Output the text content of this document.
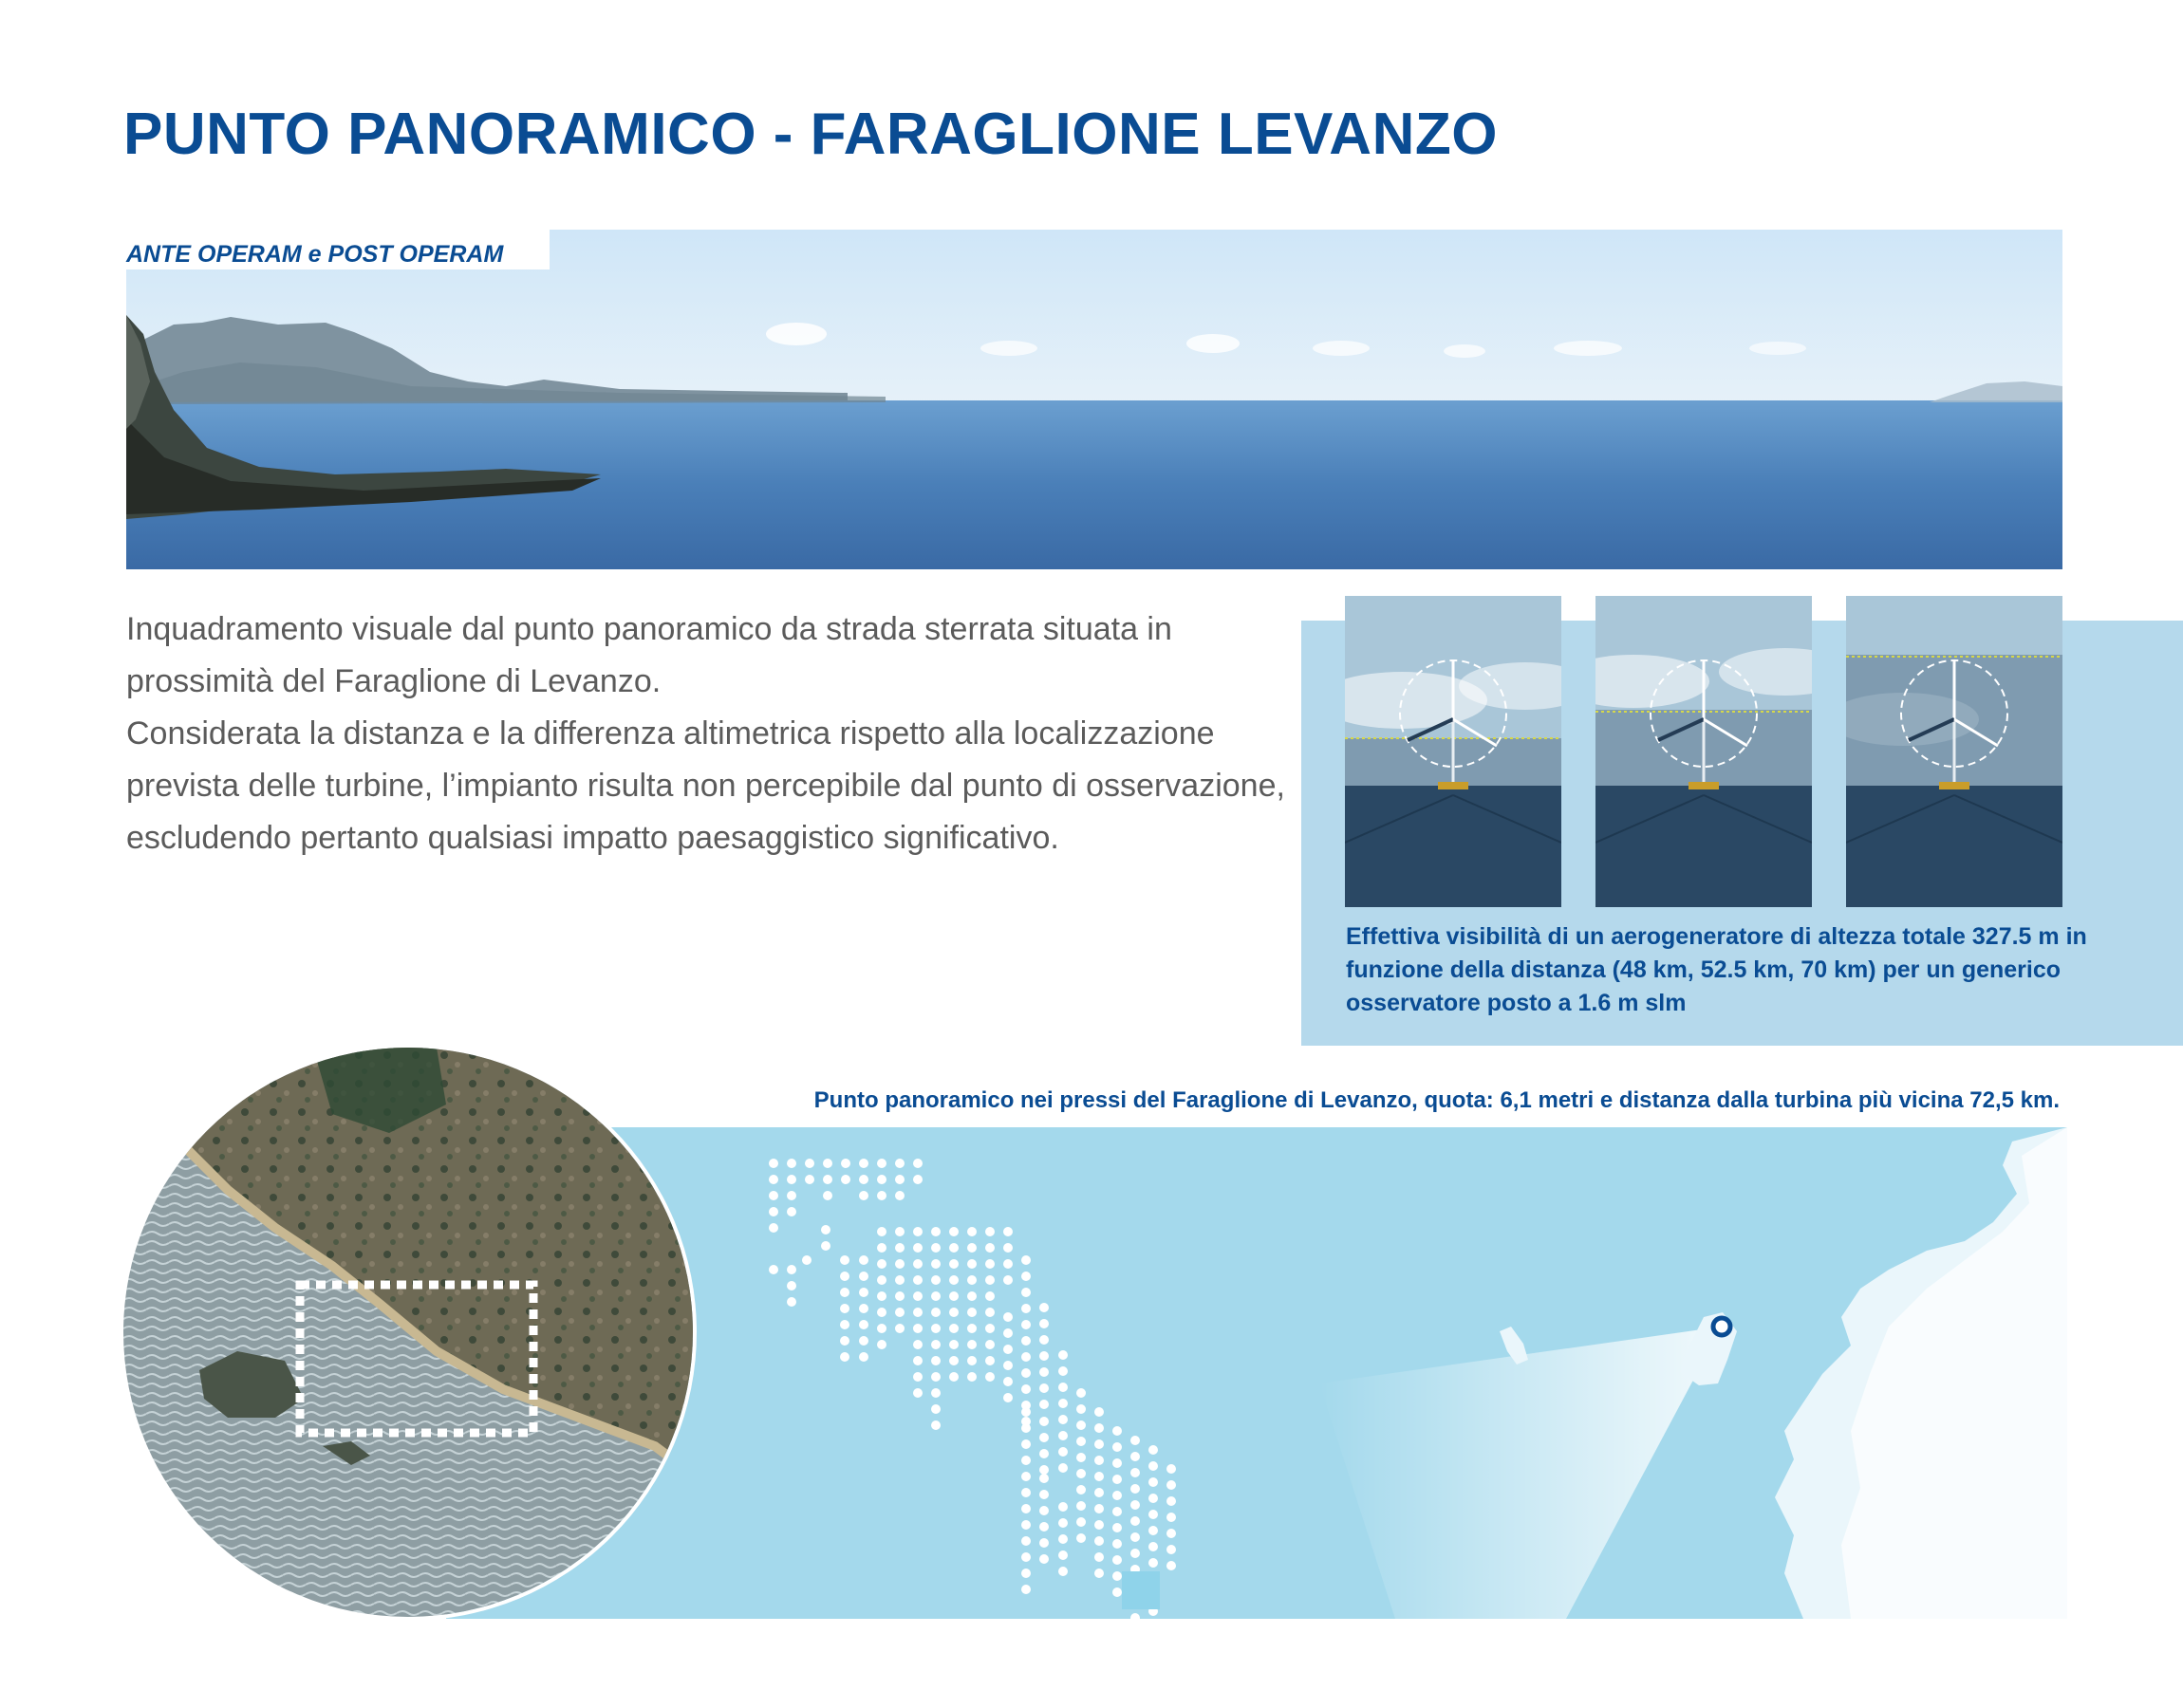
PUNTO PANORAMICO - FARAGLIONE LEVANZO
ANTE OPERAM e POST OPERAM

Inquadramento visuale dal punto panoramico da strada sterrata situata in prossimità del Faraglione di Levanzo.

Considerata la distanza e la differenza altimetrica rispetto alla localizzazione prevista delle turbine, l’impianto risulta non percepibile dal punto di osservazione, escludendo pertanto qualsiasi impatto paesaggistico significativo.

Effettiva visibilità di un aerogeneratore di altezza totale 327.5 m in funzione della distanza (48 km, 52.5 km, 70 km) per un generico osservatore posto a 1.6 m slm

Punto panoramico nei pressi del Faraglione di Levanzo, quota: 6,1 metri e distanza dalla turbina più vicina 72,5 km.
